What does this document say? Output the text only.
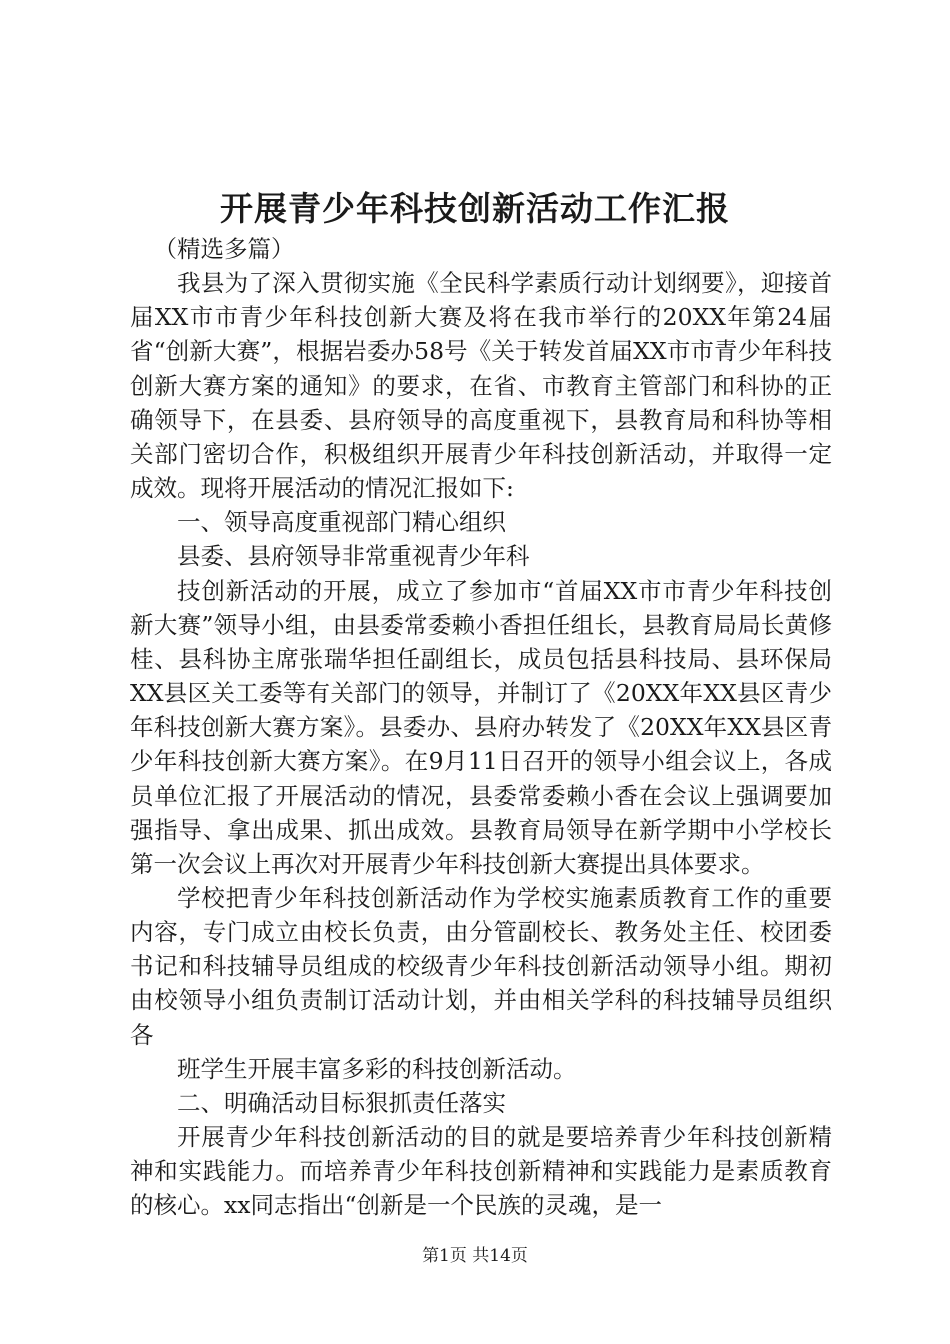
开展青少年科技创新活动工作汇报

（精选多篇）

我县为了深入贯彻实施《全民科学素质行动计划纲要》，迎接首届XX市市青少年科技创新大赛及将在我市举行的20XX年第24届省“创新大赛”，根据岩委办58号《关于转发首届XX市市青少年科技创新大赛方案的通知》的要求，在省、市教育主管部门和科协的正确领导下，在县委、县府领导的高度重视下，县教育局和科协等相关部门密切合作，积极组织开展青少年科技创新活动，并取得一定成效。现将开展活动的情况汇报如下:

一、领导高度重视部门精心组织

县委、县府领导非常重视青少年科

技创新活动的开展，成立了参加市“首届XX市市青少年科技创新大赛”领导小组，由县委常委赖小香担任组长，县教育局局长黄修桂、县科协主席张瑞华担任副组长，成员包括县科技局、县环保局XX县区关工委等有关部门的领导，并制订了《20XX年XX县区青少年科技创新大赛方案》。县委办、县府办转发了《20XX年XX县区青少年科技创新大赛方案》。在9月11日召开的领导小组会议上，各成员单位汇报了开展活动的情况，县委常委赖小香在会议上强调要加强指导、拿出成果、抓出成效。县教育局领导在新学期中小学校长第一次会议上再次对开展青少年科技创新大赛提出具体要求。

学校把青少年科技创新活动作为学校实施素质教育工作的重要内容，专门成立由校长负责，由分管副校长、教务处主任、校团委书记和科技辅导员组成的校级青少年科技创新活动领导小组。期初由校领导小组负责制订活动计划，并由相关学科的科技辅导员组织各

班学生开展丰富多彩的科技创新活动。

二、明确活动目标狠抓责任落实

开展青少年科技创新活动的目的就是要培养青少年科技创新精神和实践能力。而培养青少年科技创新精神和实践能力是素质教育的核心。xx同志指出“创新是一个民族的灵魂，是一

第1页 共14页
